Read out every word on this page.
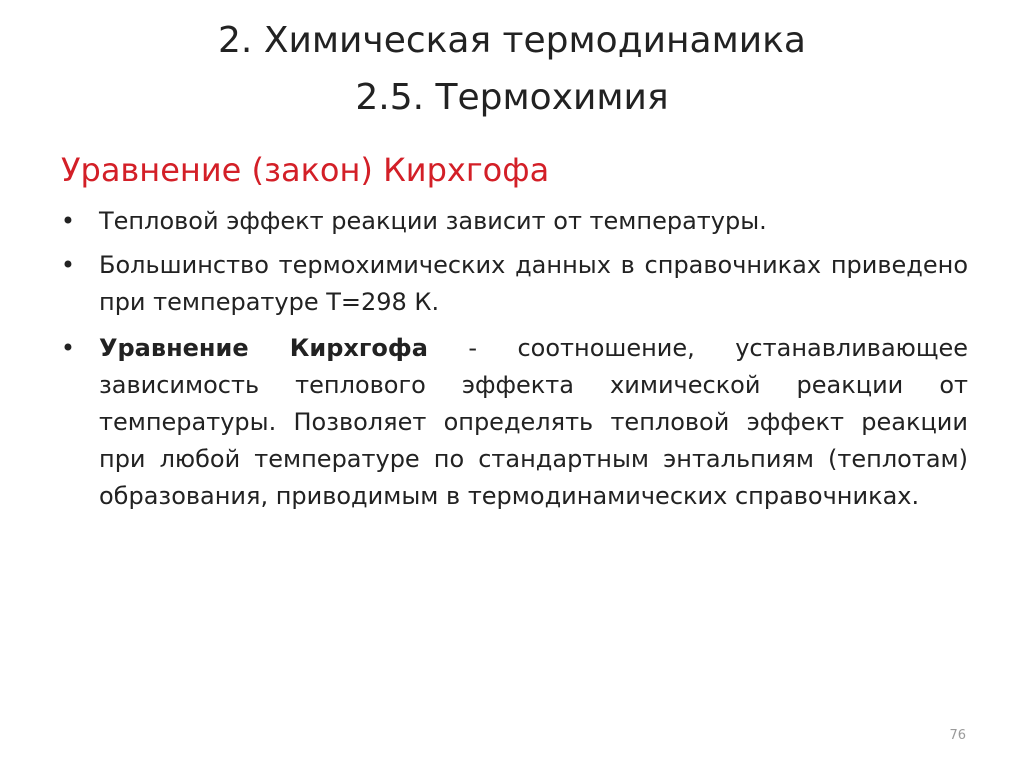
2. Химическая термодинамика
2.5. Термохимия
Уравнение (закон) Кирхгофа
• Тепловой эффект реакции зависит от температуры.
• Большинство термохимических данных в справочниках приведено при температуре Т=298 К.
• Уравнение Кирхгофа - соотношение, устанавливающее зависимость теплового эффекта химической реакции от температуры. Позволяет определять тепловой эффект реакции при любой температуре по стандартным энтальпиям (теплотам) образования, приводимым в термодинамических справочниках.
76
